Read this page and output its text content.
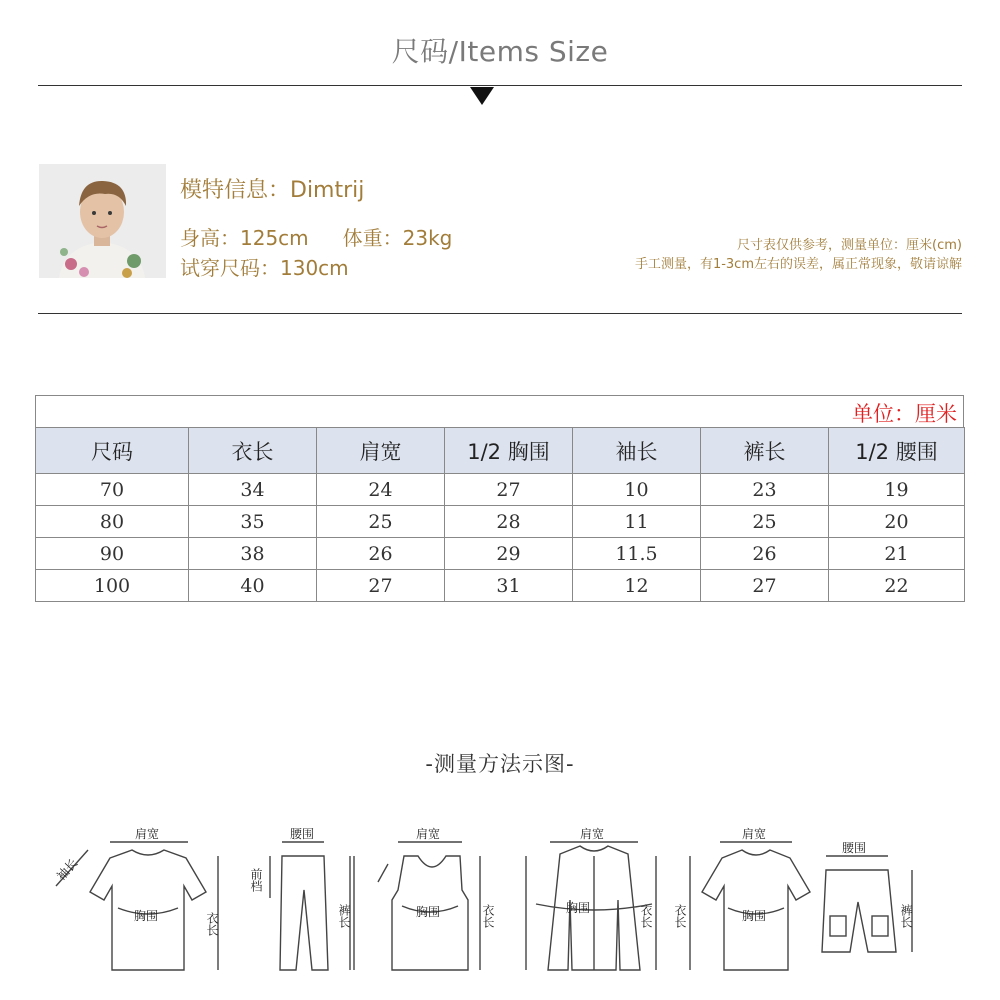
尺码/Items Size
模特信息：Dimtrij
身高：125cm 体重：23kg
试穿尺码：130cm
尺寸表仅供参考，测量单位：厘米(cm)
手工测量，有1-3cm左右的误差，属正常现象，敬请谅解
单位：厘米
尺码	衣长	肩宽	1/2 胸围	袖长	裤长	1/2 腰围
70	34	24	27	10	23	19
80	35	25	28	11	25	20
90	38	26	29	11.5	26	21
100	40	27	31	12	27	22
-测量方法示图-
肩宽
袖长
胸围	衣长
腰围
前档
裤长
肩宽
胸围	衣长
肩宽
胸围	衣长
肩宽
衣长	胸围
腰围
裤长
